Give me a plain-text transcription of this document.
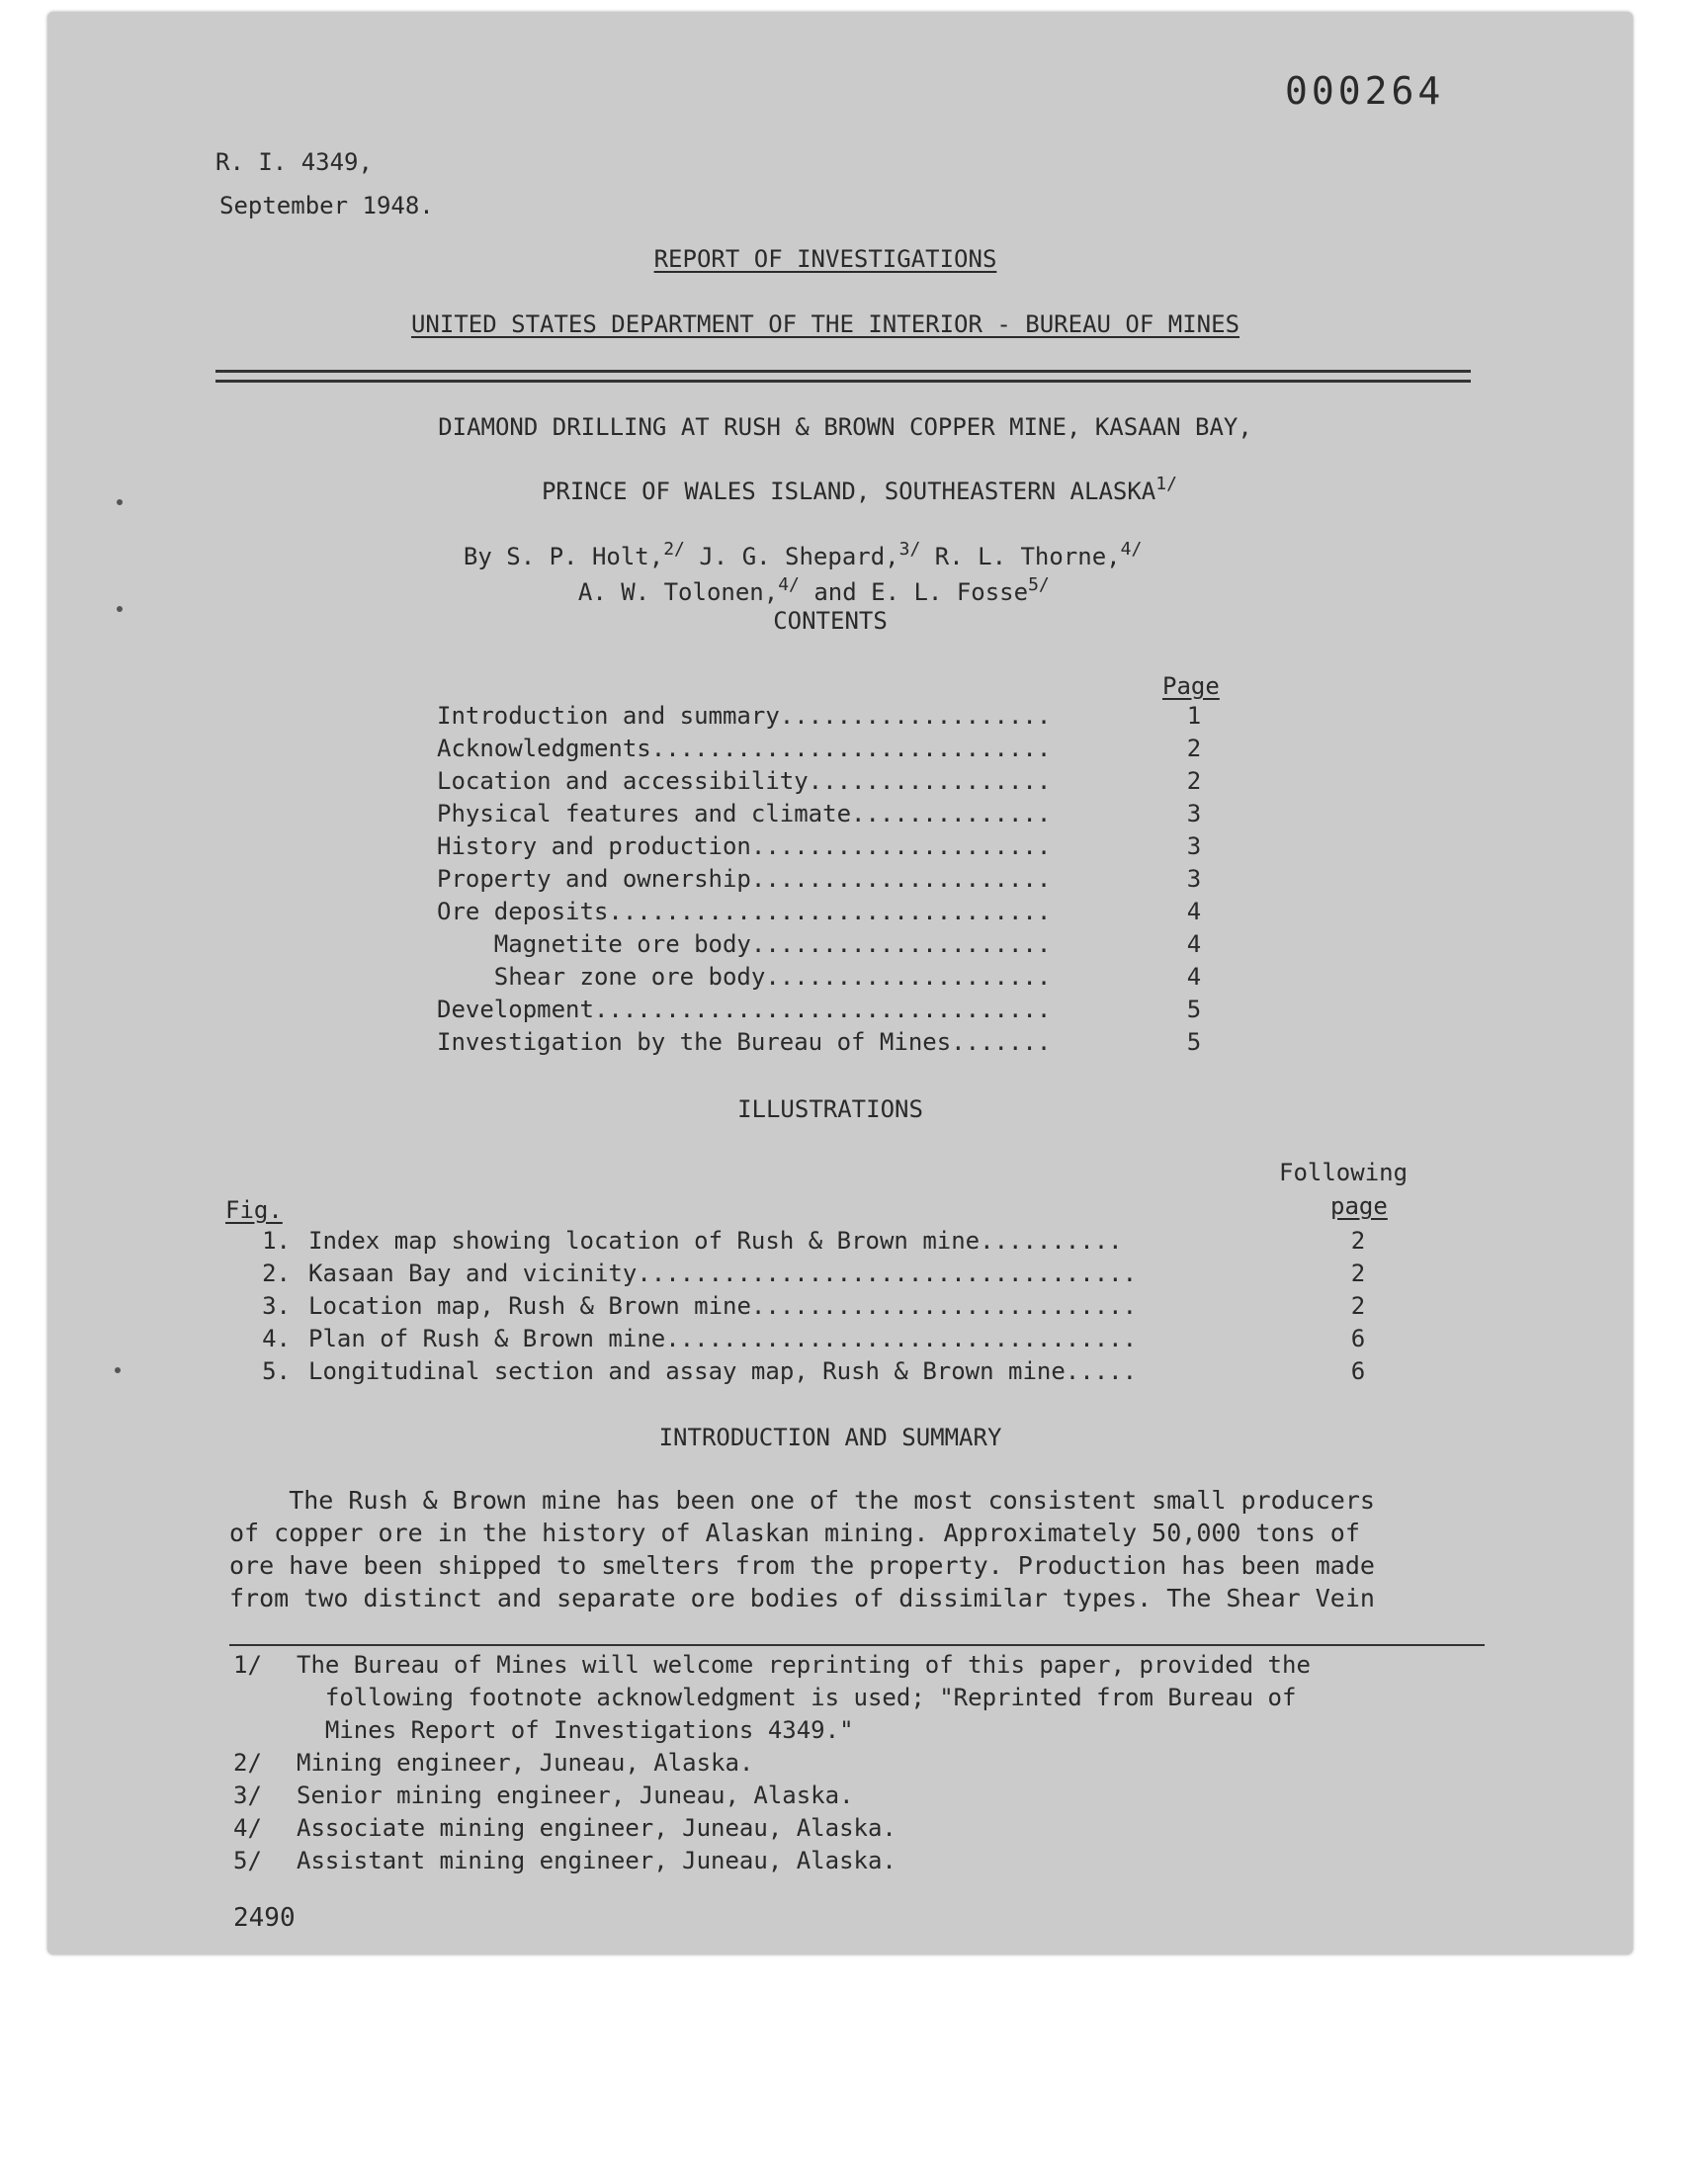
000264
R. I. 4349,
September 1948.
REPORT OF INVESTIGATIONS
UNITED STATES DEPARTMENT OF THE INTERIOR - BUREAU OF MINES
DIAMOND DRILLING AT RUSH & BROWN COPPER MINE, KASAAN BAY,

PRINCE OF WALES ISLAND, SOUTHEASTERN $ALASKA^{1/}$

By S. P. Holt,$^{2/}$ J. G. Shepard,$^{3/}$ R. L. Thorne,$^{4/}$

A. W. Tolonen,$^{4/}$ and E. L. Fosse$^{5/}$

CONTENTS
Page
Introduction and summary...................	1
Acknowledgments............................	2
Location and accessibility.................	2
Physical features and climate..............	3
History and production.....................	3
Property and ownership.....................	3
Ore deposits...............................	4
Magnetite ore body.....................	4
Shear zone ore body....................	4
Development................................	5
Investigation by the Bureau of Mines.......	5
ILLUSTRATIONS
Following
page
Fig.
1. Index map showing location of Rush & Brown mine..........	2
2. Kasaan Bay and vicinity...................................	2
3. Location map, Rush & Brown mine...........................	2
4. Plan of Rush & Brown mine.................................	6
5. Longitudinal section and assay map, Rush & Brown mine.....	6
INTRODUCTION AND SUMMARY
The Rush & Brown mine has been one of the most consistent small producers
of copper ore in the history of Alaskan mining. Approximately 50,000 tons of
ore have been shipped to smelters from the property. Production has been made
from two distinct and separate ore bodies of dissimilar types. The Shear Vein
1/ The Bureau of Mines will welcome reprinting of this paper, provided the
following footnote acknowledgment is used; "Reprinted from Bureau of
Mines Report of Investigations 4349."
2/ Mining engineer, Juneau, Alaska.
3/ Senior mining engineer, Juneau, Alaska.
4/ Associate mining engineer, Juneau, Alaska.
5/ Assistant mining engineer, Juneau, Alaska.
2490
